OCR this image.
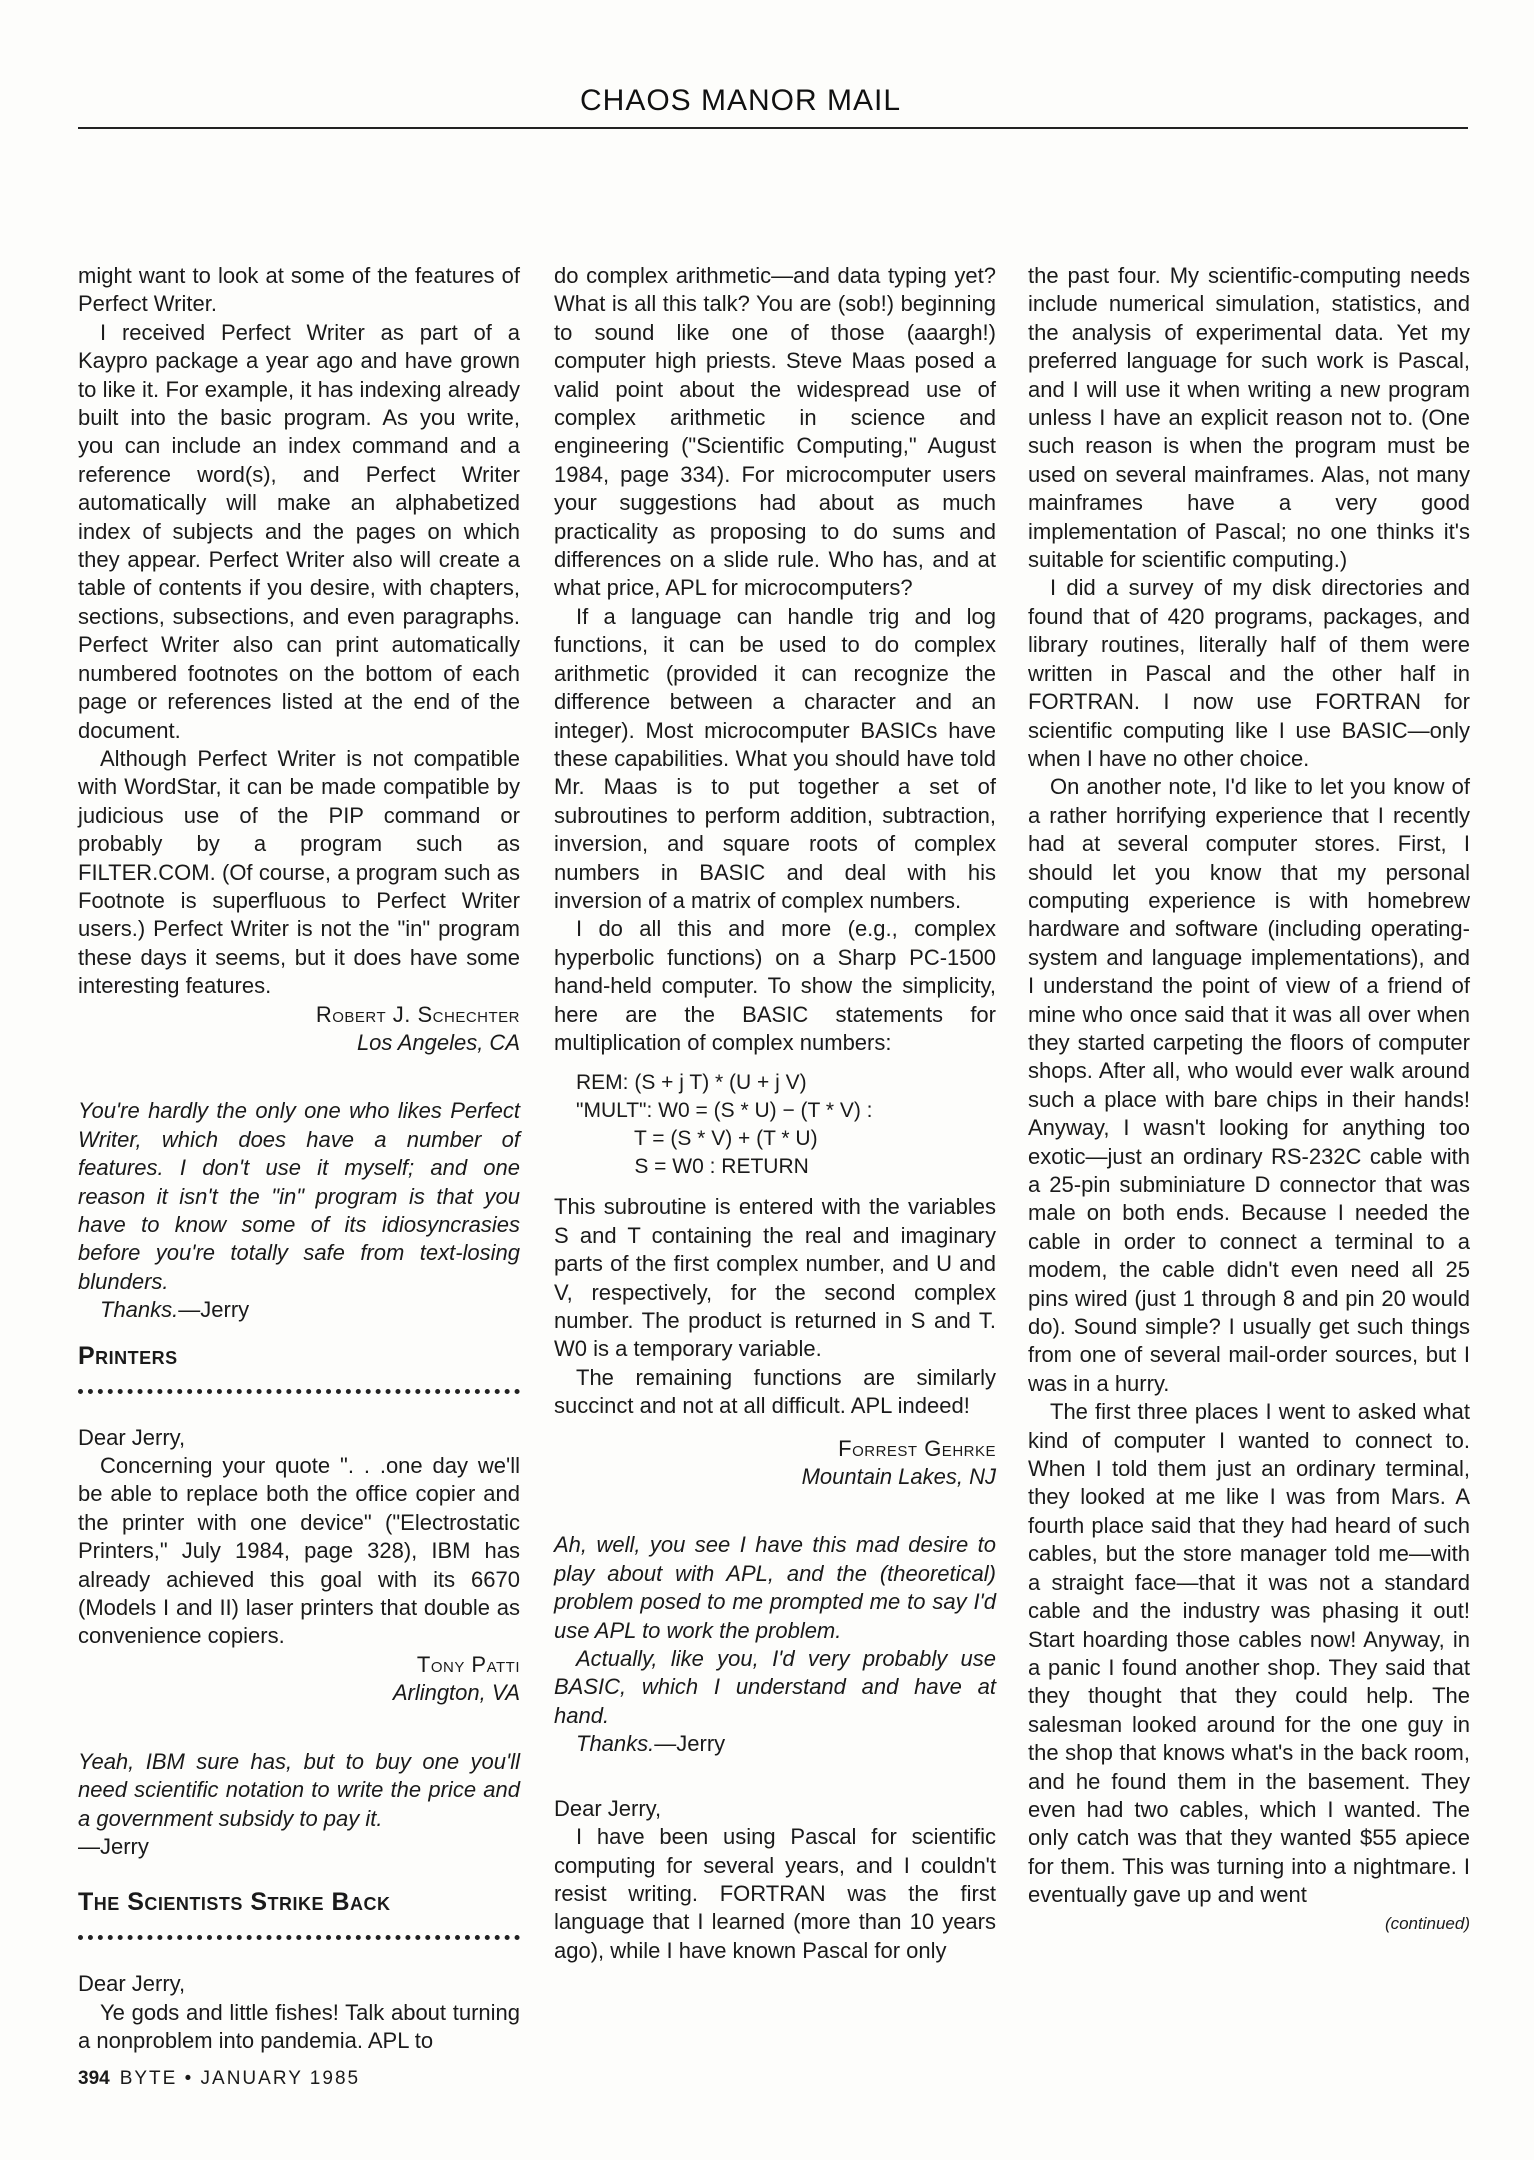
CHAOS MANOR MAIL

might want to look at some of the features of Perfect Writer.

I received Perfect Writer as part of a Kaypro package a year ago and have grown to like it. For example, it has indexing already built into the basic program. As you write, you can include an index command and a reference word(s), and Perfect Writer automatically will make an alphabetized index of subjects and the pages on which they appear. Perfect Writer also will create a table of contents if you desire, with chapters, sections, subsections, and even paragraphs. Perfect Writer also can print automatically numbered footnotes on the bottom of each page or references listed at the end of the document.

Although Perfect Writer is not compatible with WordStar, it can be made compatible by judicious use of the PIP command or probably by a program such as FILTER.COM. (Of course, a program such as Footnote is superfluous to Perfect Writer users.) Perfect Writer is not the "in" program these days it seems, but it does have some interesting features.

Robert J. Schechter

Los Angeles, CA

You're hardly the only one who likes Perfect Writer, which does have a number of features. I don't use it myself; and one reason it isn't the "in" program is that you have to know some of its idiosyncrasies before you're totally safe from text-losing blunders.

Thanks.—Jerry

Printers

Dear Jerry,

Concerning your quote ". . .one day we'll be able to replace both the office copier and the printer with one device" ("Electrostatic Printers," July 1984, page 328), IBM has already achieved this goal with its 6670 (Models I and II) laser printers that double as convenience copiers.

Tony Patti

Arlington, VA

Yeah, IBM sure has, but to buy one you'll need scientific notation to write the price and a government subsidy to pay it.

—Jerry

The Scientists Strike Back

Dear Jerry,

Ye gods and little fishes! Talk about turning a nonproblem into pandemia. APL to

do complex arithmetic—and data typing yet? What is all this talk? You are (sob!) beginning to sound like one of those (aaargh!) computer high priests. Steve Maas posed a valid point about the widespread use of complex arithmetic in science and engineering ("Scientific Computing," August 1984, page 334). For microcomputer users your suggestions had about as much practicality as proposing to do sums and differences on a slide rule. Who has, and at what price, APL for microcomputers?

If a language can handle trig and log functions, it can be used to do complex arithmetic (provided it can recognize the difference between a character and an integer). Most microcomputer BASICs have these capabilities. What you should have told Mr. Maas is to put together a set of subroutines to perform addition, subtraction, inversion, and square roots of complex numbers in BASIC and deal with his inversion of a matrix of complex numbers.

I do all this and more (e.g., complex hyperbolic functions) on a Sharp PC-1500 hand-held computer. To show the simplicity, here are the BASIC statements for multiplication of complex numbers:

REM: (S + j T) * (U + j V)
"MULT": W0 = (S * U) − (T * V) :
T = (S * V) + (T * U)
S = W0 : RETURN

This subroutine is entered with the variables S and T containing the real and imaginary parts of the first complex number, and U and V, respectively, for the second complex number. The product is returned in S and T. W0 is a temporary variable.

The remaining functions are similarly succinct and not at all difficult. APL indeed!

Forrest Gehrke

Mountain Lakes, NJ

Ah, well, you see I have this mad desire to play about with APL, and the (theoretical) problem posed to me prompted me to say I'd use APL to work the problem.

Actually, like you, I'd very probably use BASIC, which I understand and have at hand.

Thanks.—Jerry

Dear Jerry,

I have been using Pascal for scientific computing for several years, and I couldn't resist writing. FORTRAN was the first language that I learned (more than 10 years ago), while I have known Pascal for only

the past four. My scientific-computing needs include numerical simulation, statistics, and the analysis of experimental data. Yet my preferred language for such work is Pascal, and I will use it when writing a new program unless I have an explicit reason not to. (One such reason is when the program must be used on several mainframes. Alas, not many mainframes have a very good implementation of Pascal; no one thinks it's suitable for scientific computing.)

I did a survey of my disk directories and found that of 420 programs, packages, and library routines, literally half of them were written in Pascal and the other half in FORTRAN. I now use FORTRAN for scientific computing like I use BASIC—only when I have no other choice.

On another note, I'd like to let you know of a rather horrifying experience that I recently had at several computer stores. First, I should let you know that my personal computing experience is with homebrew hardware and software (including operating-system and language implementations), and I understand the point of view of a friend of mine who once said that it was all over when they started carpeting the floors of computer shops. After all, who would ever walk around such a place with bare chips in their hands! Anyway, I wasn't looking for anything too exotic—just an ordinary RS-232C cable with a 25-pin subminiature D connector that was male on both ends. Because I needed the cable in order to connect a terminal to a modem, the cable didn't even need all 25 pins wired (just 1 through 8 and pin 20 would do). Sound simple? I usually get such things from one of several mail-order sources, but I was in a hurry.

The first three places I went to asked what kind of computer I wanted to connect to. When I told them just an ordinary terminal, they looked at me like I was from Mars. A fourth place said that they had heard of such cables, but the store manager told me—with a straight face—that it was not a standard cable and the industry was phasing it out! Start hoarding those cables now! Anyway, in a panic I found another shop. They said that they thought that they could help. The salesman looked around for the one guy in the shop that knows what's in the back room, and he found them in the basement. They even had two cables, which I wanted. The only catch was that they wanted $55 apiece for them. This was turning into a nightmare. I eventually gave up and went

(continued)

394 BYTE • JANUARY 1985
